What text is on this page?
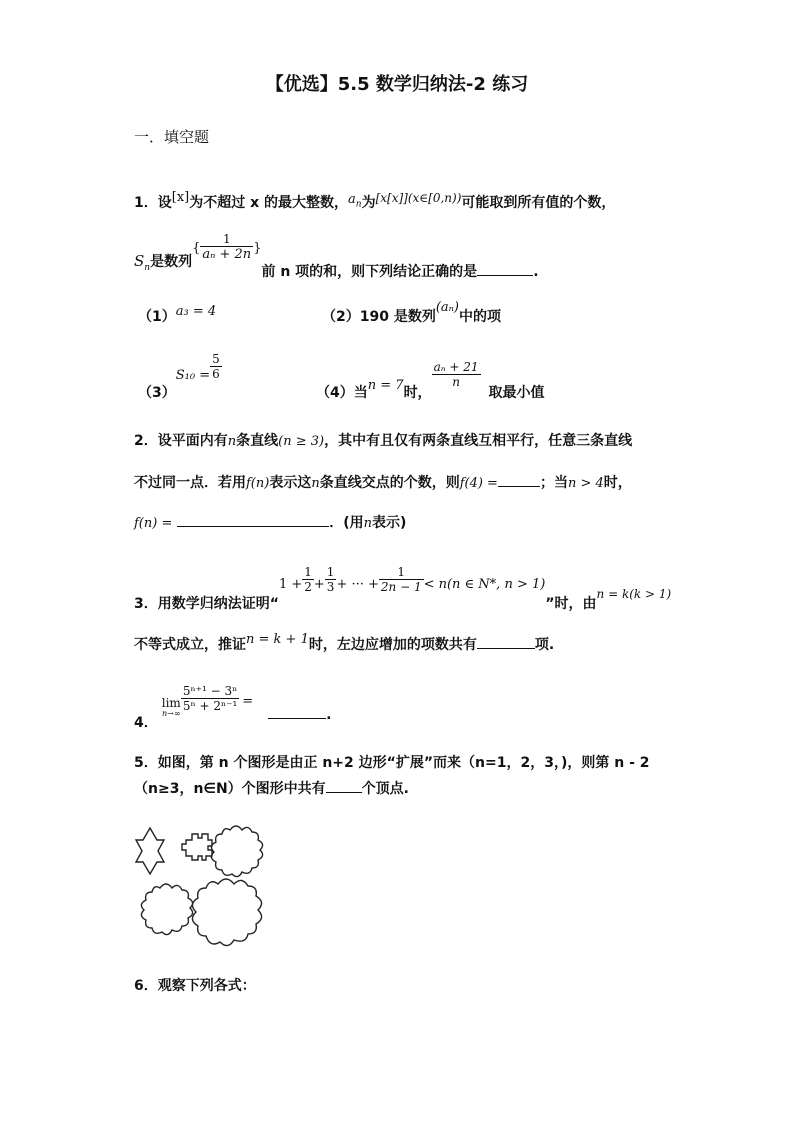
【优选】5.5 数学归纳法-2 练习
一．填空题
1．设[x]为不超过 x 的最大整数，$a_n$为[x[x]](x∈[0,n))可能取到所有值的个数，
$S_n$是数列{ $\frac{1}{\text{aₙ + 2n}}$ }前 n 项的和，则下列结论正确的是	.
（1）a₃ = 4	（2）190 是数列(aₙ)中的项
$(3)S_{10} = \frac{5}{6}$
（4）当n = 7时，
$\frac{\text{aₙ + 21}}{n}$
取最小值
2．设平面内有n条直线(n ≥ 3)，其中有且仅有两条直线互相平行，任意三条直线
不过同一点．若用f(n)表示这n条直线交点的个数，则f(4) =	；当n > 4时，
f(n) =	．(用n表示)
3．用数学归纳法证明“$1 + \frac{1}{2} + \frac{1}{3}$ + ··· + $\frac{1}{2n - 1} < n(n$ ∈ N*, n > 1)”时，由n = k(k > 1)
不等式成立，推证n = k + 1时，左边应增加的项数共有	项.
4．
lim
n→∞
$\frac{\text{5ⁿ⁺¹ − 3ⁿ}}{\text{5ⁿ + 2ⁿ⁻¹}}$ = .
5．如图，第 n 个图形是由正 n+2 边形“扩展”而来（n=1，2，3，)，则第 n - 2
（n≥3，n∈N）个图形中共有	个顶点.
6．观察下列各式：
